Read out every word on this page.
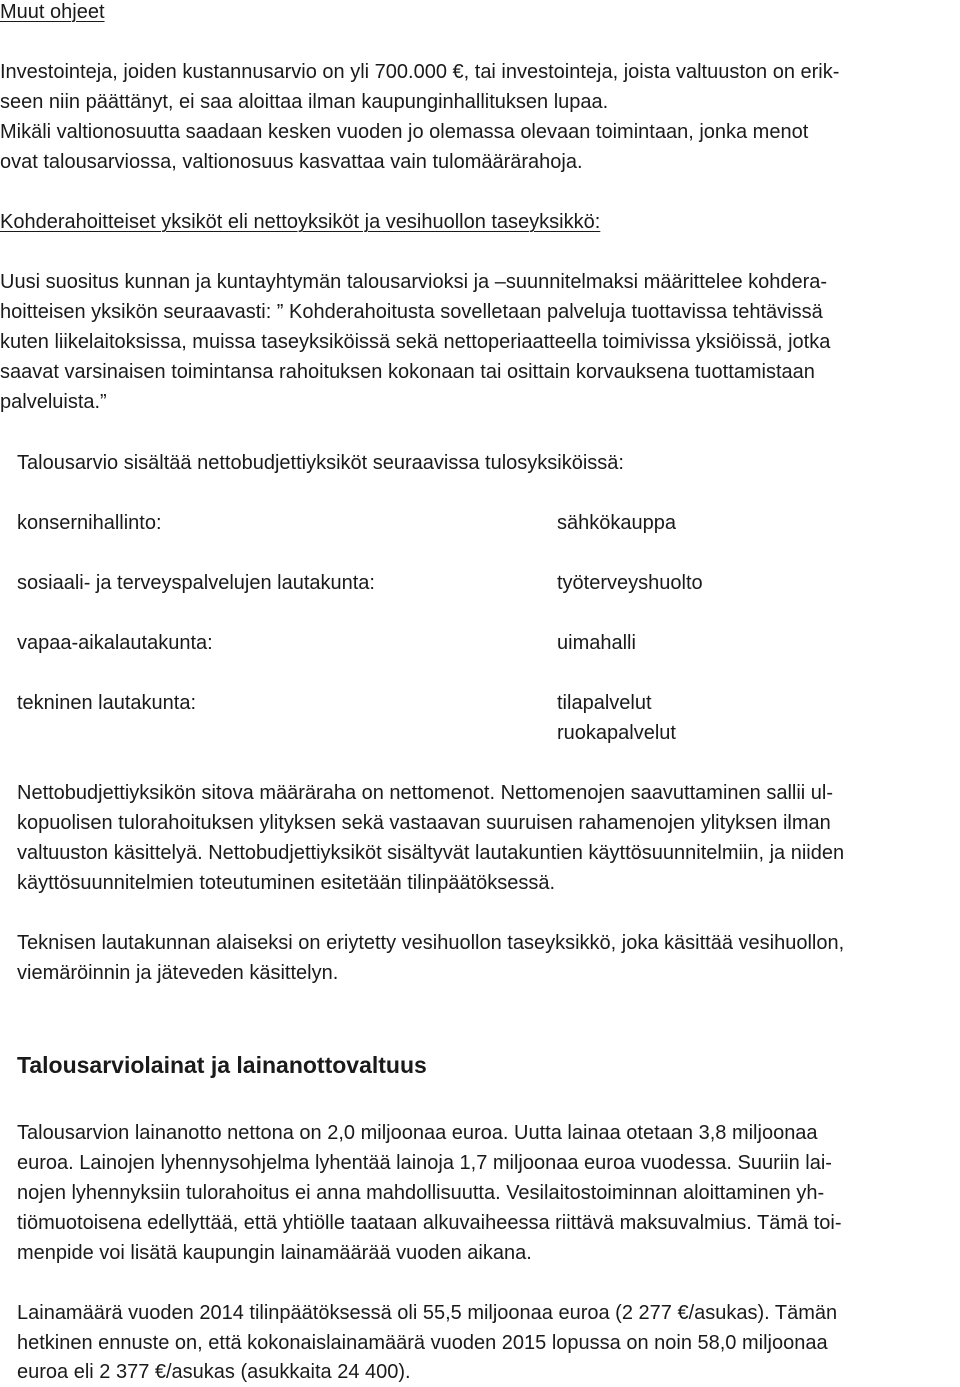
Muut ohjeet

Investointeja, joiden kustannusarvio on yli 700.000 €, tai investointeja, joista valtuuston on erik-

seen niin päättänyt, ei saa aloittaa ilman kaupunginhallituksen lupaa.

Mikäli valtionosuutta saadaan kesken vuoden jo olemassa olevaan toimintaan, jonka menot

ovat talousarviossa, valtionosuus kasvattaa vain tulomäärärahoja.

Kohderahoitteiset yksiköt eli nettoyksiköt ja vesihuollon taseyksikkö:

Uusi suositus kunnan ja kuntayhtymän talousarvioksi ja –suunnitelmaksi määrittelee kohdera-

hoitteisen yksikön seuraavasti: ” Kohderahoitusta sovelletaan palveluja tuottavissa tehtävissä

kuten liikelaitoksissa, muissa taseyksiköissä sekä nettoperiaatteella toimivissa yksiöissä, jotka

saavat varsinaisen toimintansa rahoituksen kokonaan tai osittain korvauksena tuottamistaan

palveluista.”

Talousarvio sisältää nettobudjettiyksiköt seuraavissa tulosyksiköissä:

konsernihallinto:	sähkökauppa

sosiaali- ja terveyspalvelujen lautakunta:	työterveyshuolto

vapaa-aikalautakunta:	uimahalli

tekninen lautakunta:	tilapalvelut

ruokapalvelut

Nettobudjettiyksikön sitova määräraha on nettomenot. Nettomenojen saavuttaminen sallii ul-

kopuolisen tulorahoituksen ylityksen sekä vastaavan suuruisen rahamenojen ylityksen ilman

valtuuston käsittelyä. Nettobudjettiyksiköt sisältyvät lautakuntien käyttösuunnitelmiin, ja niiden

käyttösuunnitelmien toteutuminen esitetään tilinpäätöksessä.

Teknisen lautakunnan alaiseksi on eriytetty vesihuollon taseyksikkö, joka käsittää vesihuollon,

viemäröinnin ja jäteveden käsittelyn.

Talousarviolainat ja lainanottovaltuus

Talousarvion lainanotto nettona on 2,0 miljoonaa euroa. Uutta lainaa otetaan 3,8 miljoonaa

euroa. Lainojen lyhennysohjelma lyhentää lainoja 1,7 miljoonaa euroa vuodessa. Suuriin lai-

nojen lyhennyksiin tulorahoitus ei anna mahdollisuutta. Vesilaitostoiminnan aloittaminen yh-

tiömuotoisena edellyttää, että yhtiölle taataan alkuvaiheessa riittävä maksuvalmius. Tämä toi-

menpide voi lisätä kaupungin lainamäärää vuoden aikana.

Lainamäärä vuoden 2014 tilinpäätöksessä oli 55,5 miljoonaa euroa (2 277 €/asukas). Tämän

hetkinen ennuste on, että kokonaislainamäärä vuoden 2015 lopussa on noin 58,0 miljoonaa

euroa eli 2 377 €/asukas (asukkaita 24 400).
